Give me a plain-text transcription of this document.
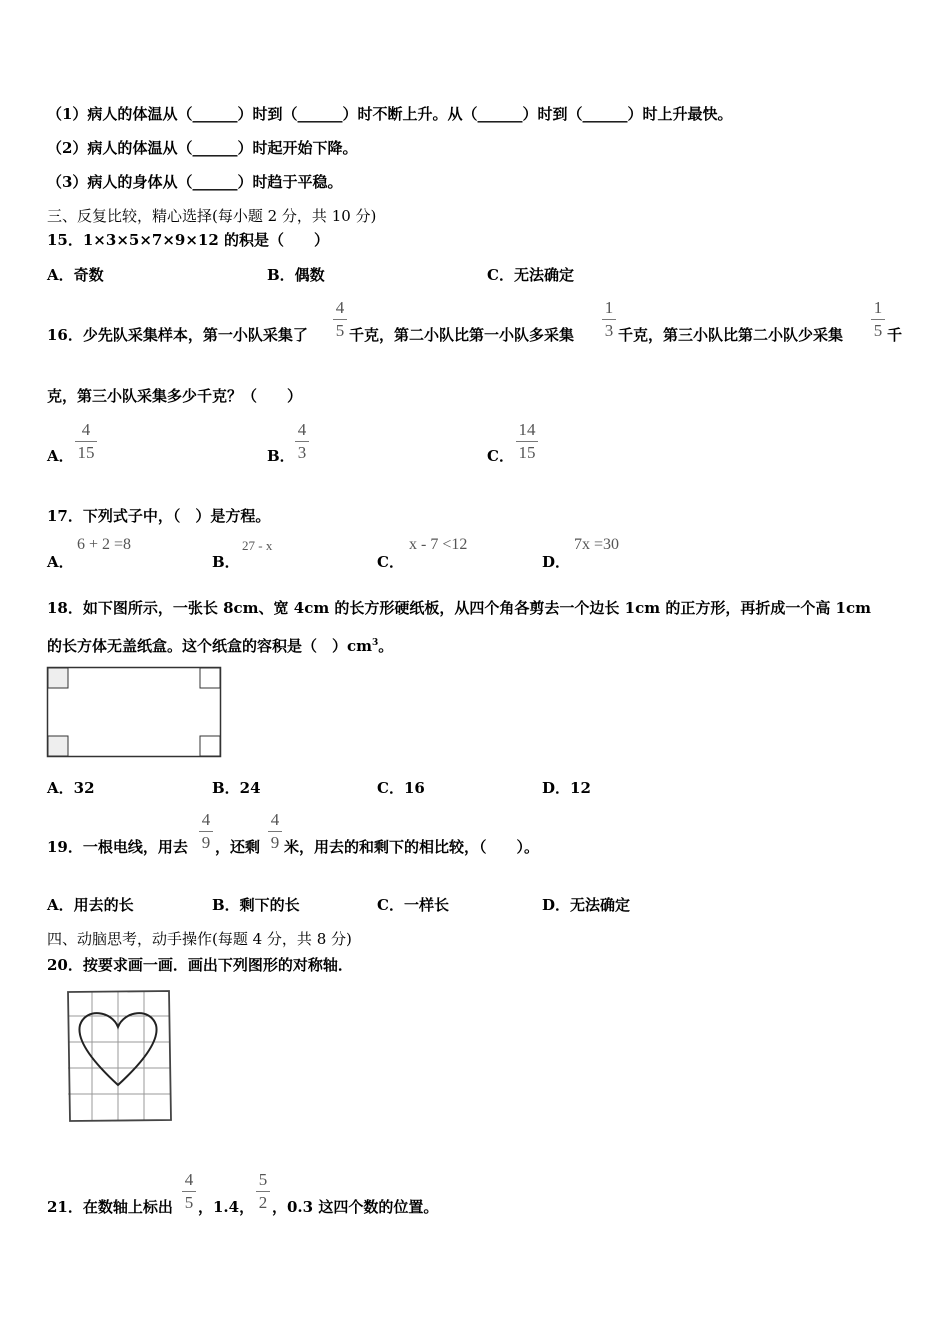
（1）病人的体温从（______）时到（______）时不断上升。从（______）时到（______）时上升最快。
（2）病人的体温从（______）时起开始下降。
（3）病人的身体从（______）时趋于平稳。
三、反复比较，精心选择(每小题 2 分，共 10 分)
15．1×3×5×7×9×12 的积是（　　）
A．奇数	B．偶数	C．无法确定
16．少先队采集样本，第一小队采集了
4
5 千克，第二小队比第一小队多采集
1
3 千克，第三小队比第二小队少采集
1
5 千
克，第三小队采集多少千克？（　　）
A．
4
15	B．
4
3	C．
14
15
17．下列式子中，（　）是方程。
A．
6 + 2 =8
B．
27 - x
C．
x - 7 <12
D．
7x =30
18．如下图所示，一张长 8cm、宽 4cm 的长方形硬纸板，从四个角各剪去一个边长 1cm 的正方形，再折成一个高 1cm
的长方体无盖纸盒。这个纸盒的容积是（　）$cm^3$。
A．32	B．24	C．16	D．12
19．一根电线，用去
4
9 ，还剩
4
9 米，用去的和剩下的相比较，（　　）。
A．用去的长	B．剩下的长	C．一样长	D．无法确定
四、动脑思考，动手操作(每题 4 分，共 8 分)
20．按要求画一画．画出下列图形的对称轴．
21．在数轴上标出
4
5 ，1.4，
5
2 ，0.3 这四个数的位置。
